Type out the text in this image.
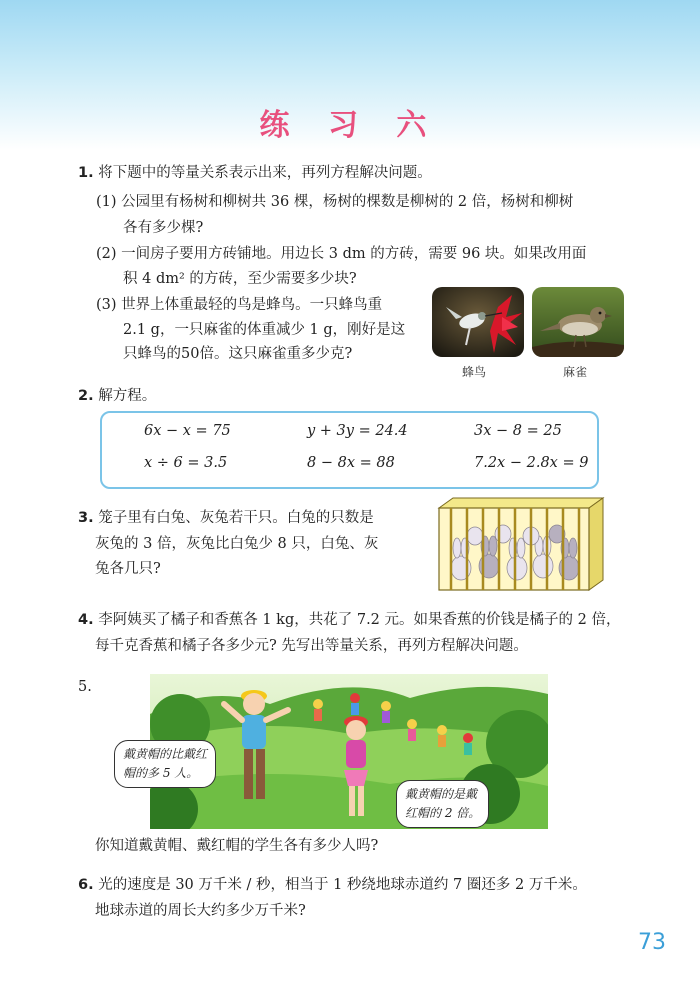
练 习 六
1. 将下题中的等量关系表示出来，再列方程解决问题。
(1) 公园里有杨树和柳树共 36 棵，杨树的棵数是柳树的 2 倍，杨树和柳树
各有多少棵?
(2) 一间房子要用方砖铺地。用边长 3 dm 的方砖，需要 96 块。如果改用面
积 4 dm² 的方砖，至少需要多少块?
(3) 世界上体重最轻的鸟是蜂鸟。一只蜂鸟重
2.1 g，一只麻雀的体重减少 1 g，刚好是这
只蜂鸟的50倍。这只麻雀重多少克?
蜂鸟	麻雀
2. 解方程。
6x − x = 75	y + 3y = 24.4	3x − 8 = 25
x ÷ 6 = 3.5	8 − 8x = 88	7.2x − 2.8x = 9
3. 笼子里有白兔、灰兔若干只。白兔的只数是
灰兔的 3 倍，灰兔比白兔少 8 只，白兔、灰
兔各几只?
4. 李阿姨买了橘子和香蕉各 1 kg，共花了 7.2 元。如果香蕉的价钱是橘子的 2 倍，
每千克香蕉和橘子各多少元? 先写出等量关系，再列方程解决问题。
5.
戴黄帽的比戴红
帽的多 5 人。
戴黄帽的是戴
红帽的 2 倍。
你知道戴黄帽、戴红帽的学生各有多少人吗?
6. 光的速度是 30 万千米 / 秒，相当于 1 秒绕地球赤道约 7 圈还多 2 万千米。
地球赤道的周长大约多少万千米?
73
